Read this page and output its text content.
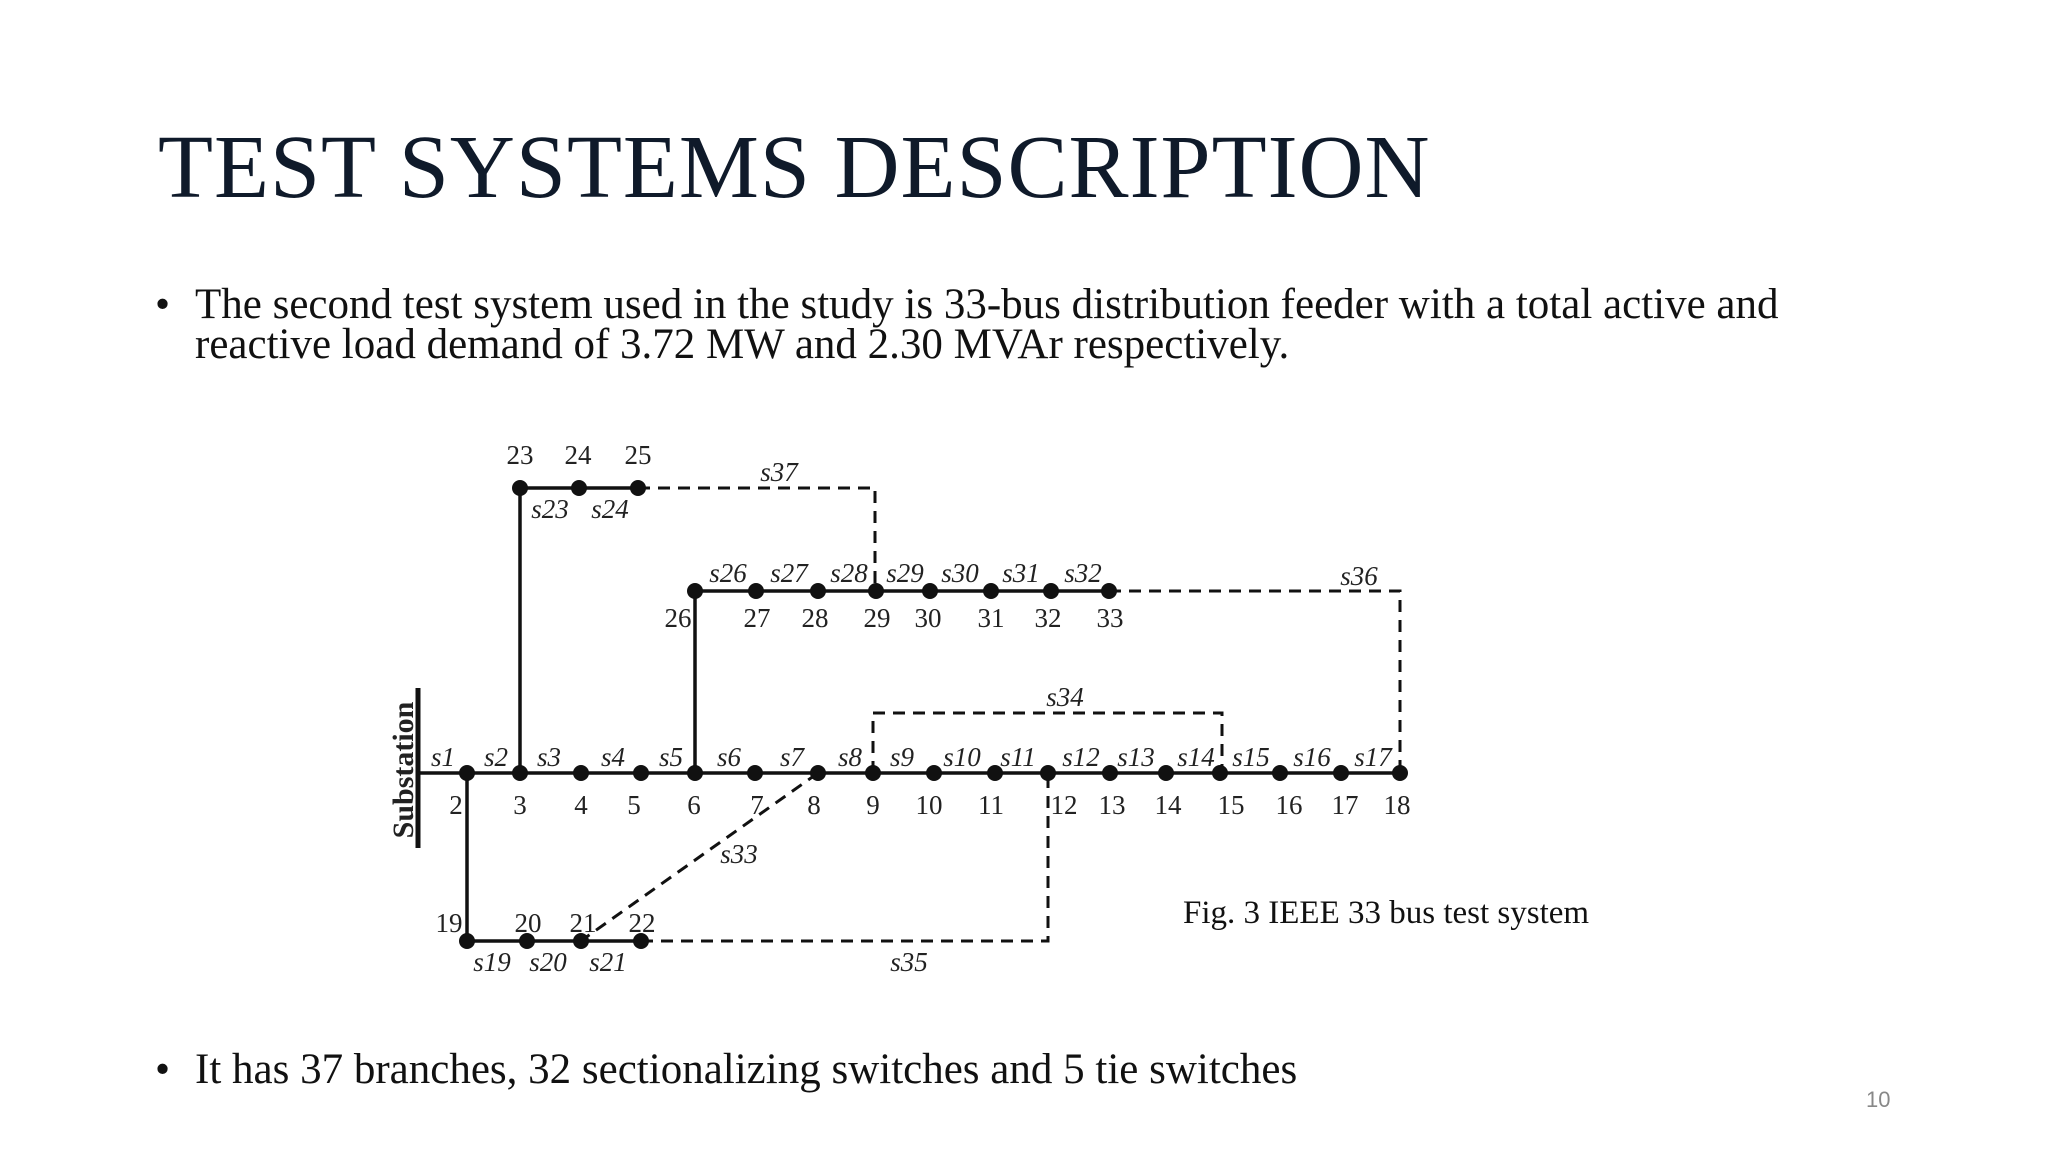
TEST SYSTEMS DESCRIPTION
• The second test system used in the study is 33-bus distribution feeder with a total active and reactive load demand of 3.72 MW and 2.30 MVAr respectively.
Substation 2 3 4 5 6 7 8 9 10 11 12 13 14 15 16 17 18
19 20 21 22
23 24 25
26 27 28 29 30 31 32 33
s1 s2 s3 s4 s5 s6 s7 s8 s9 s10 s11 s12 s13 s14 s15 s16 s17
s19 s20 s21
s23 s24
s26 s27 s28 s29 s30 s31 s32
s33
s34
s35
s36
s37
Fig. 3 IEEE 33 bus test system
• It has 37 branches, 32 sectionalizing switches and 5 tie switches
10
